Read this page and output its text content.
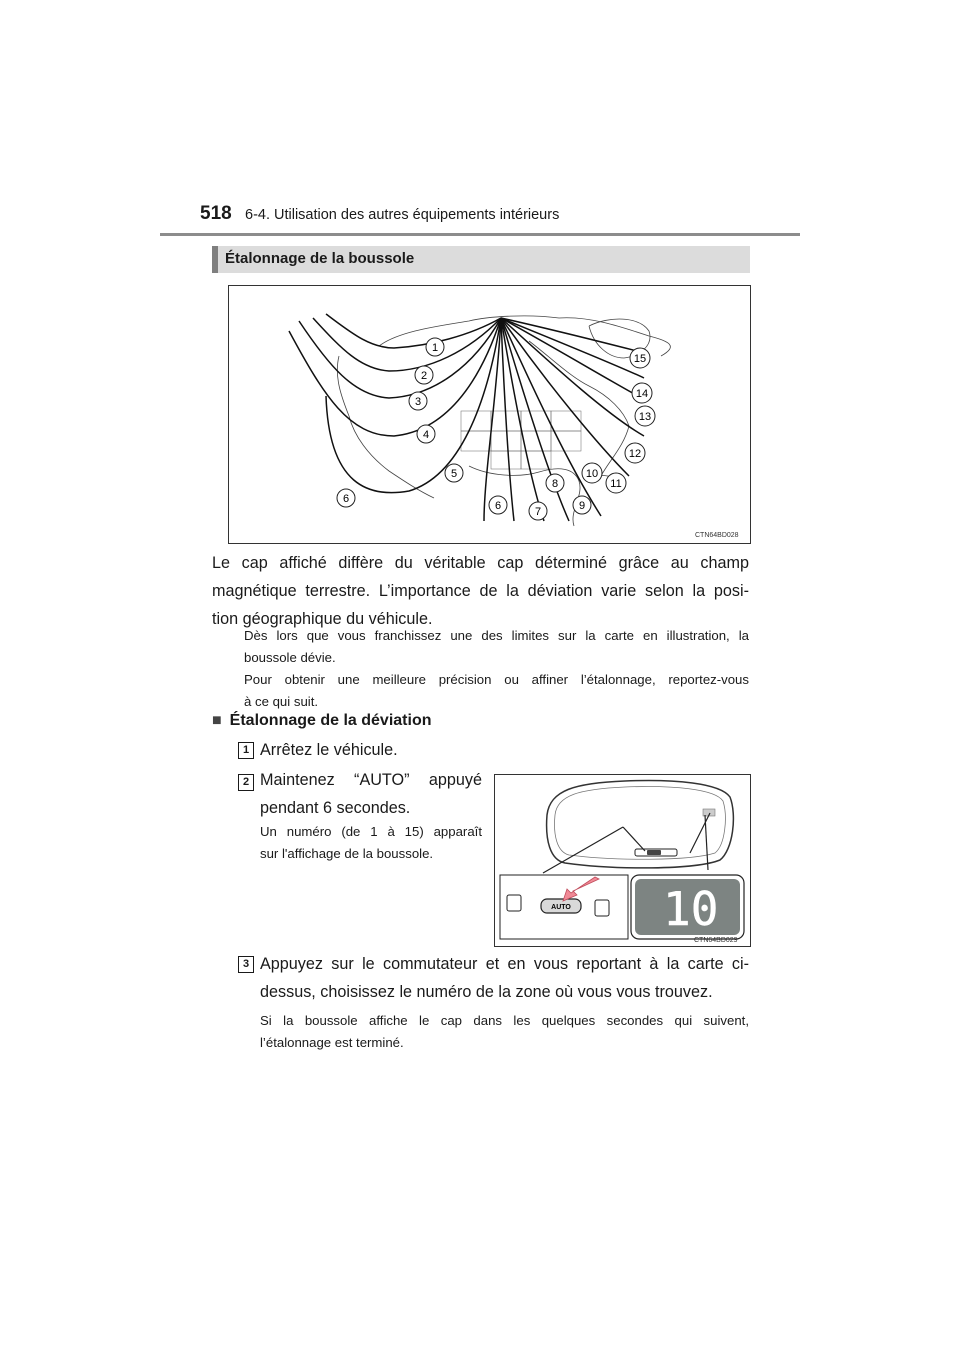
518 6-4. Utilisation des autres équipements intérieurs
Étalonnage de la boussole
1
2
3
4
5
6
6	7
8
9
10
11
12
13
14
15
CTN64BD028
Le cap affiché diffère du véritable cap déterminé grâce au champ
magnétique terrestre. L’importance de la déviation varie selon la posi-
tion géographique du véhicule.
Dès lors que vous franchissez une des limites sur la carte en illustration, la
boussole dévie.
Pour obtenir une meilleure précision ou affiner l’étalonnage, reportez-vous
à ce qui suit.
■ Étalonnage de la déviation
1 Arrêtez le véhicule.
2 Maintenez “AUTO” appuyé
pendant 6 secondes.
Un numéro (de 1 à 15) apparaît
sur l'affichage de la boussole.
AUTO 10
CTN64BD029
3 Appuyez sur le commutateur et en vous reportant à la carte ci-
dessus, choisissez le numéro de la zone où vous vous trouvez.
Si la boussole affiche le cap dans les quelques secondes qui suivent,
l’étalonnage est terminé.
